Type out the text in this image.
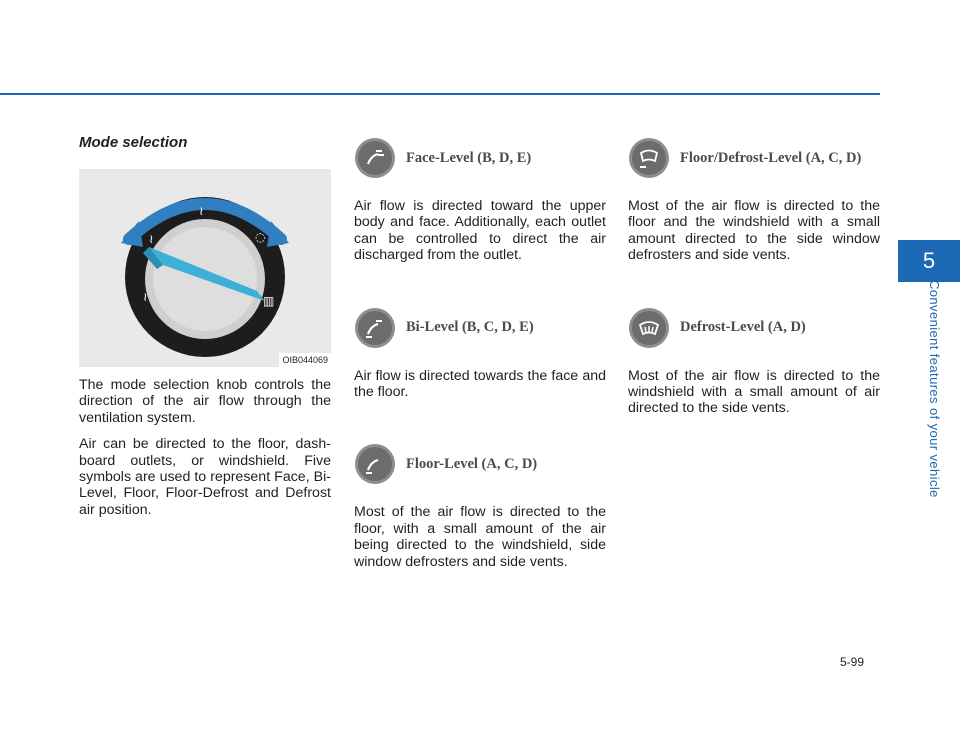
5
Convenient features of your vehicle
5-99
Mode selection
≀
≀
◌
≀	▥
OIB044069

The mode selection knob controls the direction of the air flow through the ventilation system.

Air can be directed to the floor, dash-board outlets, or windshield. Five symbols are used to represent Face, Bi-Level, Floor, Floor-Defrost and Defrost air position.

Face-Level (B, D, E)

Air flow is directed toward the upper body and face. Additionally, each outlet can be controlled to direct the air discharged from the outlet.

Bi-Level (B, C, D, E)

Air flow is directed towards the face and the floor.

Floor-Level (A, C, D)

Most of the air flow is directed to the floor, with a small amount of the air being directed to the windshield, side window defrosters and side vents.

Floor/Defrost-Level (A, C, D)

Most of the air flow is directed to the floor and the windshield with a small amount directed to the side window defrosters and side vents.

Defrost-Level (A, D)

Most of the air flow is directed to the windshield with a small amount of air directed to the side vents.
